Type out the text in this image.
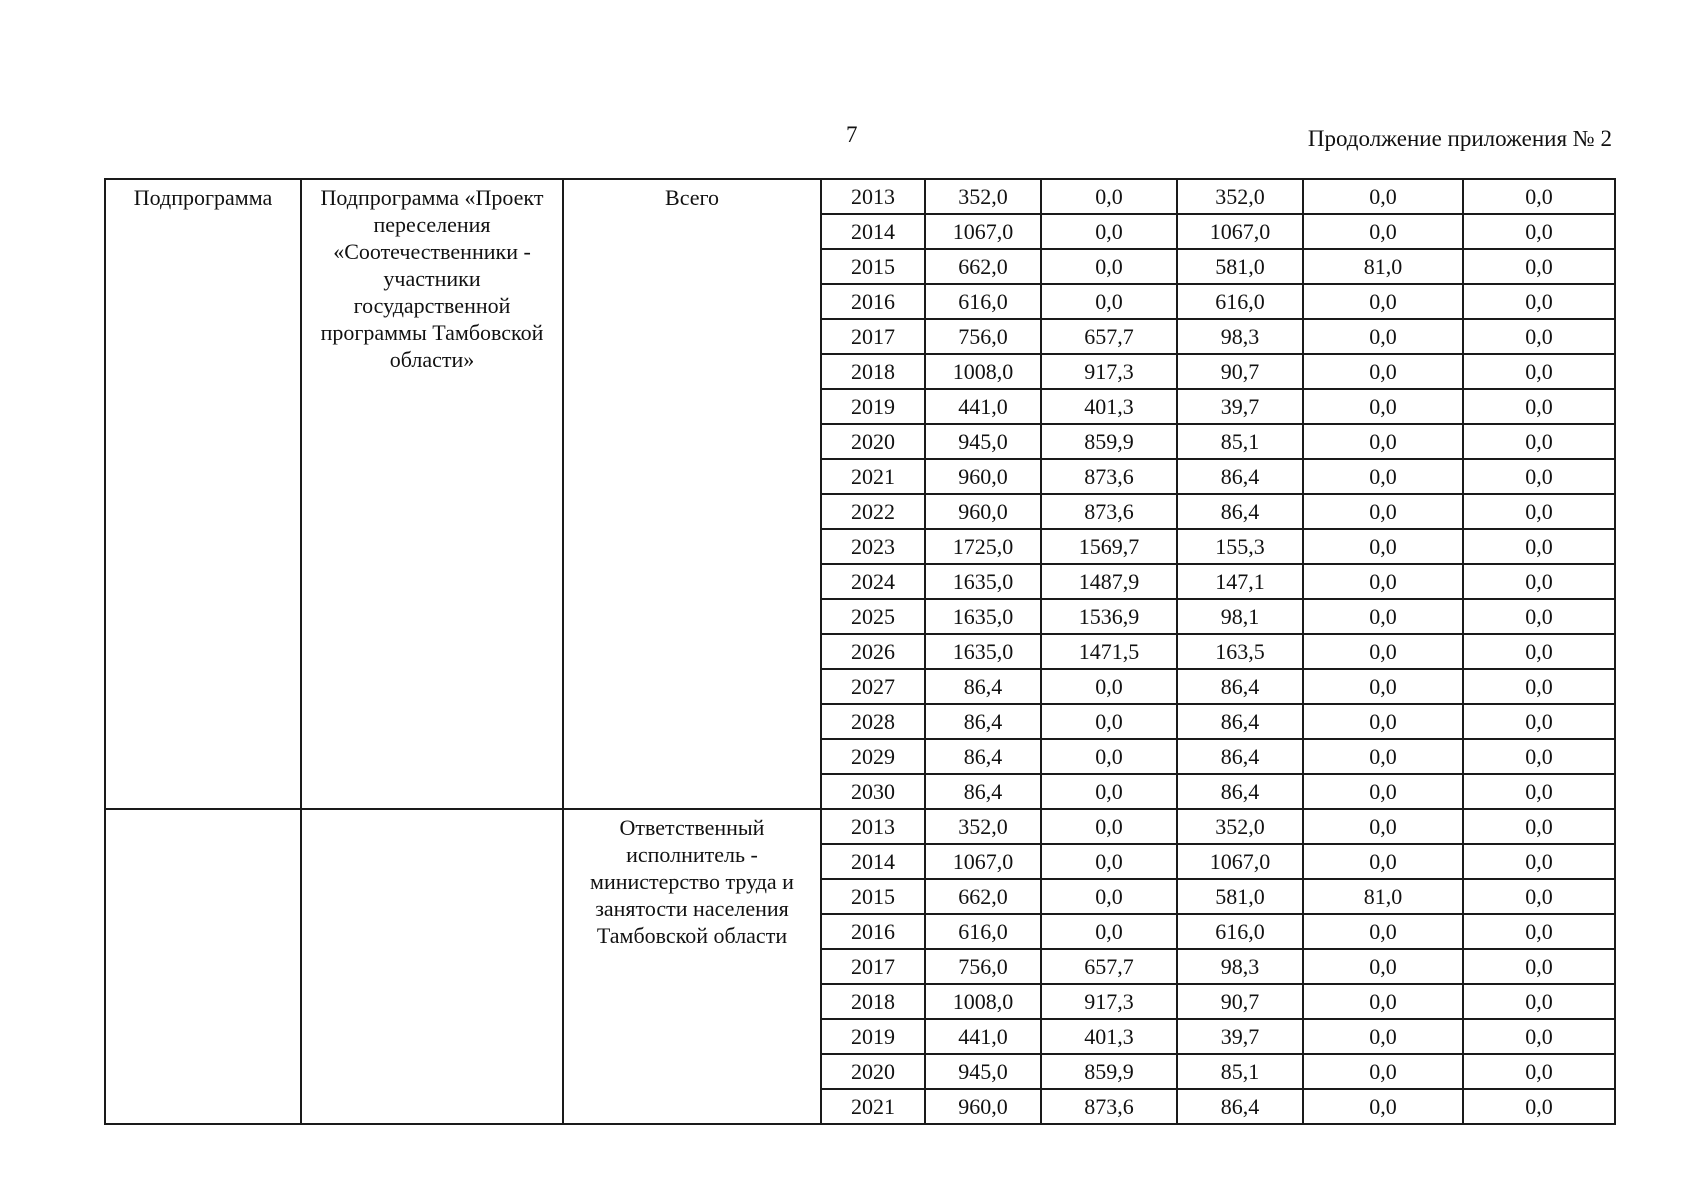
7	Продолжение приложения № 2
Подпрограмма	Подпрограмма «Проект переселения «Соотечественники - участники государственной программы Тамбовской области»	Всего	2013	352,0	0,0	352,0	0,0	0,0
			2014	1067,0	0,0	1067,0	0,0	0,0
			2015	662,0	0,0	581,0	81,0	0,0
			2016	616,0	0,0	616,0	0,0	0,0
			2017	756,0	657,7	98,3	0,0	0,0
			2018	1008,0	917,3	90,7	0,0	0,0
			2019	441,0	401,3	39,7	0,0	0,0
			2020	945,0	859,9	85,1	0,0	0,0
			2021	960,0	873,6	86,4	0,0	0,0
			2022	960,0	873,6	86,4	0,0	0,0
			2023	1725,0	1569,7	155,3	0,0	0,0
			2024	1635,0	1487,9	147,1	0,0	0,0
			2025	1635,0	1536,9	98,1	0,0	0,0
			2026	1635,0	1471,5	163,5	0,0	0,0
			2027	86,4	0,0	86,4	0,0	0,0
			2028	86,4	0,0	86,4	0,0	0,0
			2029	86,4	0,0	86,4	0,0	0,0
			2030	86,4	0,0	86,4	0,0	0,0
		Ответственный исполнитель - министерство труда и занятости населения Тамбовской области	2013	352,0	0,0	352,0	0,0	0,0
			2014	1067,0	0,0	1067,0	0,0	0,0
			2015	662,0	0,0	581,0	81,0	0,0
			2016	616,0	0,0	616,0	0,0	0,0
			2017	756,0	657,7	98,3	0,0	0,0
			2018	1008,0	917,3	90,7	0,0	0,0
			2019	441,0	401,3	39,7	0,0	0,0
			2020	945,0	859,9	85,1	0,0	0,0
			2021	960,0	873,6	86,4	0,0	0,0
